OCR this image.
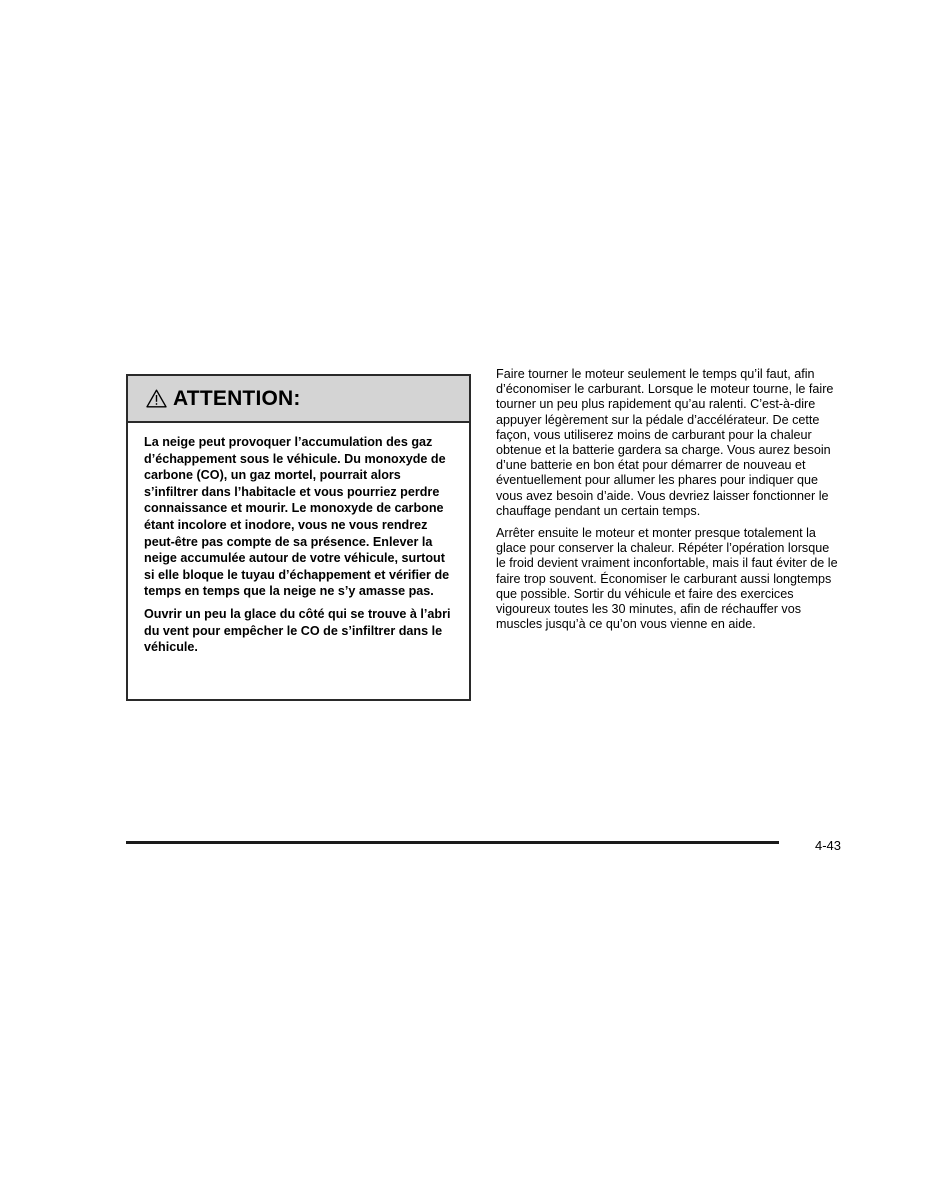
ATTENTION:

La neige peut provoquer l’accumulation des gaz d’échappement sous le véhicule. Du monoxyde de carbone (CO), un gaz mortel, pourrait alors s’infiltrer dans l’habitacle et vous pourriez perdre connaissance et mourir. Le monoxyde de carbone étant incolore et inodore, vous ne vous rendrez peut-être pas compte de sa présence. Enlever la neige accumulée autour de votre véhicule, surtout si elle bloque le tuyau d’échappement et vérifier de temps en temps que la neige ne s’y amasse pas.

Ouvrir un peu la glace du côté qui se trouve à l’abri du vent pour empêcher le CO de s’infiltrer dans le véhicule.

Faire tourner le moteur seulement le temps qu’il faut, afin d’économiser le carburant. Lorsque le moteur tourne, le faire tourner un peu plus rapidement qu’au ralenti. C’est-à-dire appuyer légèrement sur la pédale d’accélérateur. De cette façon, vous utiliserez moins de carburant pour la chaleur obtenue et la batterie gardera sa charge. Vous aurez besoin d’une batterie en bon état pour démarrer de nouveau et éventuellement pour allumer les phares pour indiquer que vous avez besoin d’aide. Vous devriez laisser fonctionner le chauffage pendant un certain temps.

Arrêter ensuite le moteur et monter presque totalement la glace pour conserver la chaleur. Répéter l’opération lorsque le froid devient vraiment inconfortable, mais il faut éviter de le faire trop souvent. Économiser le carburant aussi longtemps que possible. Sortir du véhicule et faire des exercices vigoureux toutes les 30 minutes, afin de réchauffer vos muscles jusqu’à ce qu’on vous vienne en aide.

4-43
